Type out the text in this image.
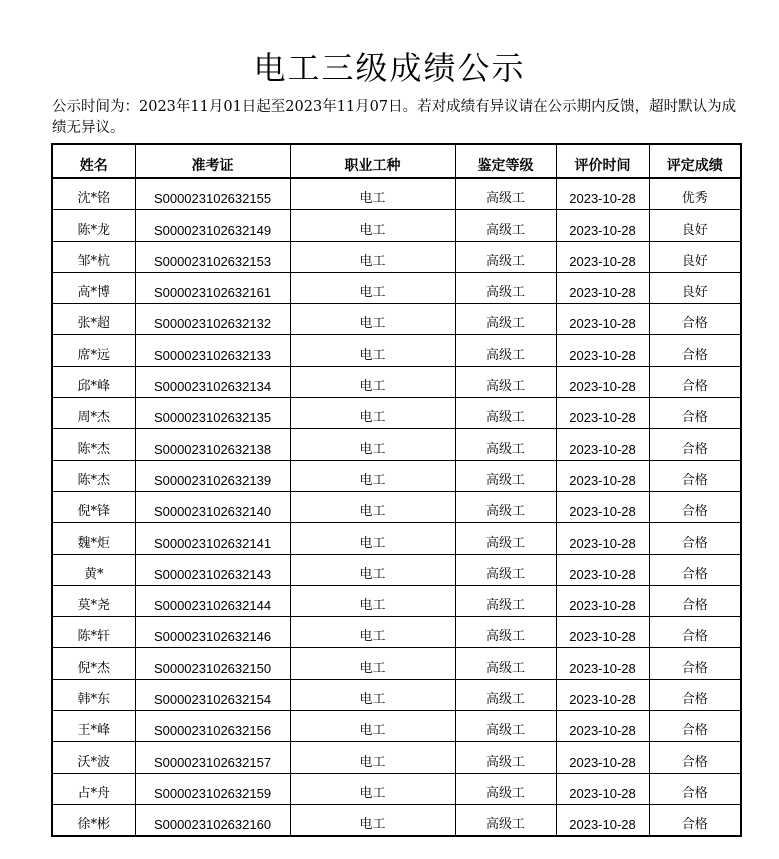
电工三级成绩公示
公示时间为：2023年11月01日起至2023年11月07日。若对成绩有异议请在公示期内反馈，超时默认为成绩无异议。
姓名	准考证	职业工种	鉴定等级	评价时间	评定成绩
沈*铭	S000023102632155	电工	高级工	2023-10-28	优秀
陈*龙	S000023102632149	电工	高级工	2023-10-28	良好
邹*杭	S000023102632153	电工	高级工	2023-10-28	良好
高*博	S000023102632161	电工	高级工	2023-10-28	良好
张*超	S000023102632132	电工	高级工	2023-10-28	合格
席*远	S000023102632133	电工	高级工	2023-10-28	合格
邱*峰	S000023102632134	电工	高级工	2023-10-28	合格
周*杰	S000023102632135	电工	高级工	2023-10-28	合格
陈*杰	S000023102632138	电工	高级工	2023-10-28	合格
陈*杰	S000023102632139	电工	高级工	2023-10-28	合格
倪*锋	S000023102632140	电工	高级工	2023-10-28	合格
魏*炬	S000023102632141	电工	高级工	2023-10-28	合格
黄*	S000023102632143	电工	高级工	2023-10-28	合格
莫*尧	S000023102632144	电工	高级工	2023-10-28	合格
陈*轩	S000023102632146	电工	高级工	2023-10-28	合格
倪*杰	S000023102632150	电工	高级工	2023-10-28	合格
韩*东	S000023102632154	电工	高级工	2023-10-28	合格
王*峰	S000023102632156	电工	高级工	2023-10-28	合格
沃*波	S000023102632157	电工	高级工	2023-10-28	合格
占*舟	S000023102632159	电工	高级工	2023-10-28	合格
徐*彬	S000023102632160	电工	高级工	2023-10-28	合格
